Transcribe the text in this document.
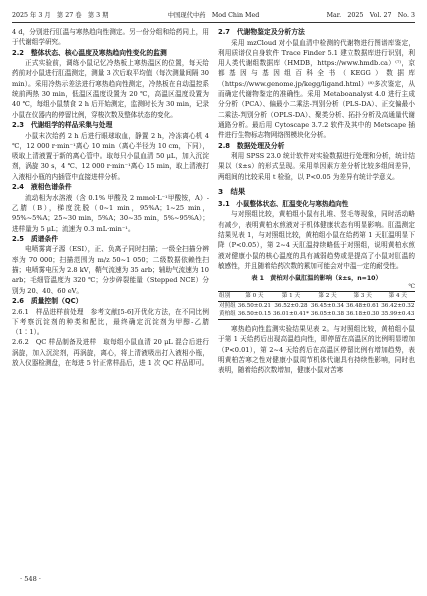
2025 年 3 月　第 27 卷　第 3 期	中国现代中药　Mod Chin Med	Mar.　2025　Vol. 27　No. 3

4 d，分别进行肛温与寒热趋向性测定。另一份分组和给药同上，用于代谢组学研究。

2.2　整体状态、核心温度及寒热趋向性变化的监测

正式实验前，调练小鼠记忆冷热板上寒热温区的位置，每天给药前对小鼠进行肛温测定，测量 3 次后取平均值（每次测量间隔 30 min）。采用冷热示差法进行寒热趋向性测定，冷热板在自动温控系统前两热 30 min，低温区温度设置为 20 ℃，高温区温度设置为 40 ℃，每组小鼠禁食 2 h 后开始测定，监测时长为 30 min，记录小鼠在仪器内的停留比例，穿梭次数及整体状态的变化。

2.3　代谢组学的样品采集与处理

小鼠末次给药 2 h 后进行眼球取血，静置 2 h，冷冻离心机 4 ℃，12 000 r·min⁻¹离心 10 min（离心半径为 10 cm，下同），吸取上清液置于新的离心管中。取每只小鼠血清 50 μL，加入沉淀剂，涡旋 30 s，4 ℃、12 000 r·min⁻¹离心 15 min，取上清液打入液相小瓶的内插管中直接进样分析。

2.4　液相色谱条件

流动相为水溶液（含 0.1% 甲酸及 2 mmol·L⁻¹甲酸铵，A）-乙腈（B），梯度洗脱（0~1 min，95%A；1~25 min，95%~5%A；25~30 min，5%A；30~35 min，5%~95%A）；进样量为 5 μL；流速为 0.3 mL·min⁻¹。

2.5　质谱条件

电喷雾离子源（ESI），正、负离子同时扫描；一级全扫描分辨率为 70 000；扫描范围为 m/z 50~1 050；二级数据依赖性扫描；电喷雾电压为 2.8 kV，鞘气流速为 35 arb；辅助气流速为 10 arb；毛细管温度为 320 ℃；分步碎裂能量（Stepped NCE）分别为 20、40、60 eV。

2.6　质量控制（QC）

2.6.1　样品进样前处理　参考文献[5-6]开优化方法，在不同比例下考察沉淀剂的种类和配比，最终确定沉淀剂为甲醇-乙腈（1∶1）。

2.6.2　QC 样品制备及进样　取每组小鼠血清 20 μL 混合后进行涡旋，加入沉淀剂，再涡旋，离心，将上清液吸出打入液相小瓶，放入仪器检测盘，在每进 5 针正常样品后，进 1 次 QC 样品即可。

2.7　代谢物鉴定及分析方法

采用 mzCloud 对小鼠血清中检测的代谢物进行图谱库鉴定，利用质谱仪自身软件 Trace Finder 5.1 建立数据库进行识别，利用人类代谢组数据库（HMDB，https://www.hmdb.ca）⁽⁷⁾，京都基因与基因组百科全书（KEGG）数据库（https://www.genome.jp/kegg/ligand.html）⁽⁸⁾多次鉴定，从而确定代谢物鉴定的准确性。采用 Metaboanalyst 4.0 进行主成分分析（PCA）、偏最小二乘法-判别分析（PLS-DA）、正交偏最小二乘法-判别分析（OPLS-DA）、聚类分析、拓扑分析及高通量代谢通路分析。最后用 Cytoscape 3.7.2 软件及其中的 Metscape 插件进行生物标志物网络图模块化分析。

2.8　数据处理及分析

利用 SPSS 23.0 统计软件对实验数据进行处理和分析，统计结果以（x̄±s）的形式呈现。采用单因素方差分析比较多组间差异，两组间的比较采用 t 检验，以 P<0.05 为差异有统计学意义。

3　结果

3.1　小鼠整体状态、肛温变化与寒热趋向性

与对照组比较，黄柏组小鼠有扎堆、竖毛等现象，同时活动略有减少，表明黄柏水煎液对于机体健康状态有明显影响。肛温测定结果见表 1，与对照组比较，黄柏组小鼠在给药第 1 天肛温明显下降（P<0.05），第 2~4 天肛温持续略低于对照组，说明黄柏水煎液对健康小鼠的核心温度的具有减弱趋势或是提高了小鼠对肛温的敏感性，并且随着给药次数的累加可能会对中温一定的耐受性。

表 1　黄柏对小鼠肛温的影响（x̄±s，n=10）

℃

组别	第 0 天	第 1 天	第 2 天	第 3 天	第 4 天
对照组	36.50±0.21	36.52±0.28	36.45±0.34	36.48±0.61	36.42±0.32
黄柏组	36.50±0.15	36.01±0.41*	36.05±0.38	36.18±0.30	35.99±0.43

寒热趋向性监测实验结果见表 2。与对照组比较，黄柏组小鼠于第 1 天给药后出现高温趋向性，即停留在高温区的比例明显增加（P<0.01），第 2~4 天给药后在高温区停留比例有增加趋势，表明黄柏苦寒之性对健康小鼠周节机体代谢具有持续性影响，同时也表明，随着给药次数增加，健康小鼠对苦寒

· 548 ·
